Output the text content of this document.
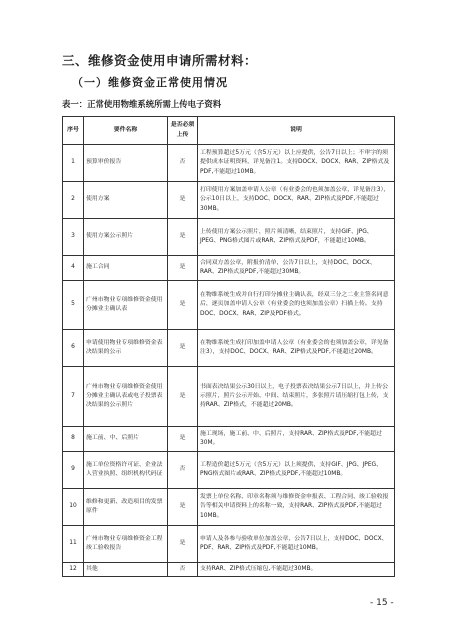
三、维修资金使用申请所需材料：
（一）维修资金正常使用情况
表一：正常使用物维系统所需上传电子资料
序号	要件名称	是否必须上传	说明
1	预算审价报告	否	工程预算超过5万元（含5万元）以上应提供，公告7日以上；不审字的须提供成本证明资料，详见备注1。支持DOCX、DOCX、RAR、ZIP格式及PDF,不能超过10MB。
2	使用方案	是	打印使用方案加盖申请人公章（有业委会的也须加盖公章，详见备注3），公示10日以上，支持DOC、DOCX、RAR、ZIP格式及PDF,不能超过30MB。
3	使用方案公示照片	是	上传使用方案公示照片，照片须清晰，结束照片，支持GIF、JPG、JPEG、PNG格式图片或RAR、ZIP格式及PDF，不能超过10MB。
4	施工合同	是	合同双方盖公章，附报价清单，公告7日以上，支持DOC、DOCX、RAR、ZIP格式及PDF,不能超过30MB。
5	广州市物业专项维修资金使用分摊业主确认表	是	在物维系统生成并自行打印分摊业主确认表，经双三分之二业主签名同意后，逐页加盖申请人公章（有业委会的也须加盖公章）扫描上传。支持DOC、DOCX、RAR、ZIP及PDF格式。
6	申请使用物业专项维修资金表决结果的公示	是	在物维系统生成打印加盖申请人公章（有业委会的也须加盖公章，详见备注3），支持DOC、DOCX、RAR、ZIP格式及PDF,不能超过20MB。
7	广州市物业专项维修资金使用分摊业主确认表或电子投票表决结果的公示照片	是	书面表决结果公示30日以上，电子投票表决结果公示7日以上，并上传公示照片，照片公示开始、中间、结束照片，多张照片请压缩打包上传，支持RAR、ZIP格式，不能超过20MB。
8	施工前、中、后照片	是	施工现场，施工前、中、后照片，支持RAR、ZIP格式及PDF,不能超过30M。
9	施工单位资格许可证、企业法人营业执照、组织机构代码证	否	工程造价超过5万元（含5万元）以上须提供，支持GIF、JPG、JPEG、PNG格式图片或RAR、ZIP格式及PDF,不能超过10MB。
10	维修和更新、改造项目的发票原件	是	发票上单位名称、印章名称须与维修资金申报表、工程合同、竣工验收报告等相关申请资料上的名称一致，支持RAR、ZIP格式及PDF,不能超过10MB。
11	广州市物业专项维修资金工程竣工验收报告	是	申请人及各参与验收单位加盖公章，公告7日以上，支持DOC、DOCX、PDF、RAR、ZIP格式及PDF,不能超过10MB。
12	其他	否	支持RAR、ZIP格式压缩包,不能超过30MB。
- 15 -
